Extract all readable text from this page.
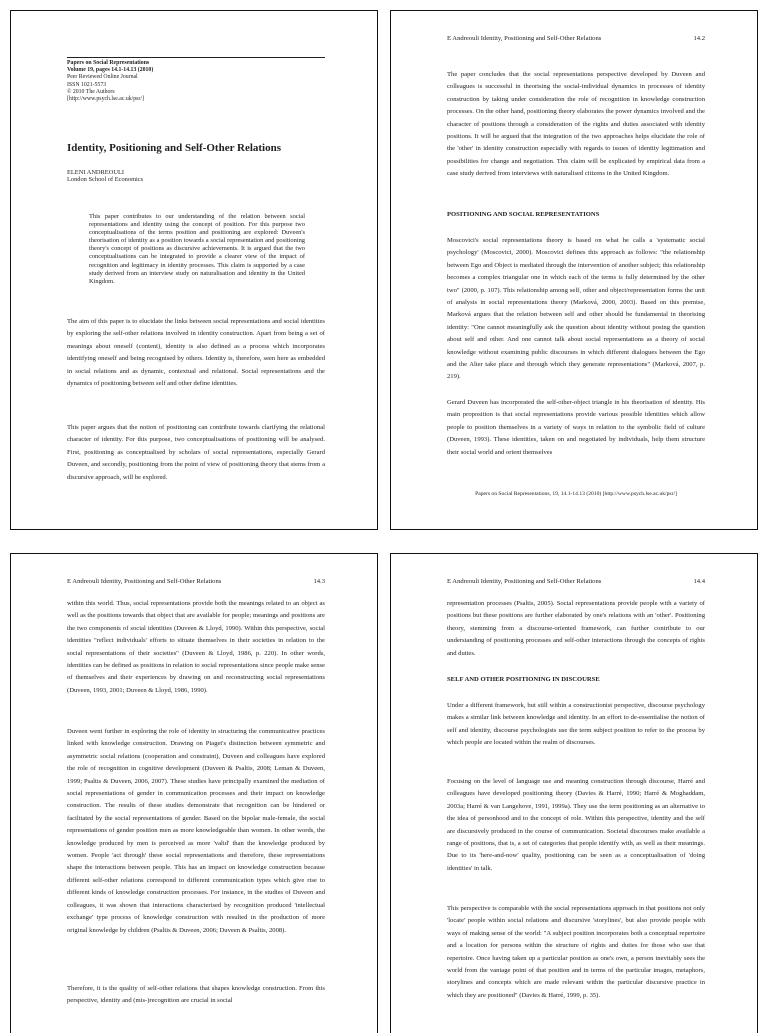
Papers on Social Representations
Volume 19, pages 14.1-14.13 (2010)
Peer Reviewed Online Journal
ISSN 1021-5573
© 2010 The Authors
[http://www.psych.lse.ac.uk/psr/]
Identity, Positioning and Self-Other Relations
ELENI ANDREOULI
London School of Economics

This paper contributes to our understanding of the relation between social representations and identity using the concept of position. For this purpose two conceptualisations of the terms position and positioning are explored: Duveen's theorisation of identity as a position towards a social representation and positioning theory's concept of positions as discursive achievements. It is argued that the two conceptualisations can be integrated to provide a clearer view of the impact of recognition and legitimacy in identity processes. This claim is supported by a case study derived from an interview study on naturalisation and identity in the United Kingdom.

The aim of this paper is to elucidate the links between social representations and social identities by exploring the self-other relations involved in identity construction. Apart from being a set of meanings about oneself (content), identity is also defined as a process which incorporates identifying oneself and being recognised by others. Identity is, therefore, seen here as embedded in social relations and as dynamic, contextual and relational. Social representations and the dynamics of positioning between self and other define identities.

This paper argues that the notion of positioning can contribute towards clarifying the relational character of identity. For this purpose, two conceptualisations of positioning will be analysed. First, positioning as conceptualised by scholars of social representations, especially Gerard Duveen, and secondly, positioning from the point of view of positioning theory that stems from a discursive approach, will be explored.

E Andreouli Identity, Positioning and Self-Other Relations	14.2

The paper concludes that the social representations perspective developed by Duveen and colleagues is successful in theorising the social-individual dynamics in processes of identity construction by taking under consideration the role of recognition in knowledge construction processes. On the other hand, positioning theory elaborates the power dynamics involved and the character of positions through a consideration of the rights and duties associated with identity positions. It will be argued that the integration of the two approaches helps elucidate the role of the 'other' in identity construction especially with regards to issues of identity legitimation and possibilities for change and negotiation. This claim will be explicated by empirical data from a case study derived from interviews with naturalised citizens in the United Kingdom.

POSITIONING AND SOCIAL REPRESENTATIONS

Moscovici's social representations theory is based on what he calls a 'systematic social psychology' (Moscovici, 2000). Moscovici defines this approach as follows: "the relationship between Ego and Object is mediated through the intervention of another subject; this relationship becomes a complex triangular one in which each of the terms is fully determined by the other two" (2000, p. 107). This relationship among self, other and object/representation forms the unit of analysis in social representations theory (Marková, 2000, 2003). Based on this premise, Marková argues that the relation between self and other should be fundamental in theorising identity: "One cannot meaningfully ask the question about identity without posing the question about self and other. And one cannot talk about social representations as a theory of social knowledge without examining public discourses in which different dialogues between the Ego and the Alter take place and through which they generate representations" (Marková, 2007, p. 219).

Gerard Duveen has incorporated the self-other-object triangle in his theorisation of identity. His main proposition is that social representations provide various possible identities which allow people to position themselves in a variety of ways in relation to the symbolic field of culture (Duveen, 1993). These identities, taken on and negotiated by individuals, help them structure their social world and orient themselves

Papers on Social Representations, 19, 14.1-14.13 (2010) [http://www.psych.lse.ac.uk/psr/]
E Andreouli Identity, Positioning and Self-Other Relations	14.3

within this world. Thus, social representations provide both the meanings related to an object as well as the positions towards that object that are available for people; meanings and positions are the two components of social identities (Duveen & Lloyd, 1990). Within this perspective, social identities "reflect individuals' efforts to situate themselves in their societies in relation to the social representations of their societies" (Duveen & Lloyd, 1986, p. 220). In other words, identities can be defined as positions in relation to social representations since people make sense of themselves and their experiences by drawing on and reconstructing social representations (Duveen, 1993, 2001; Duveen & Lloyd, 1986, 1990).

Duveen went further in exploring the role of identity in structuring the communicative practices linked with knowledge construction. Drawing on Piaget's distinction between symmetric and asymmetric social relations (cooperation and constraint), Duveen and colleagues have explored the role of recognition in cognitive development (Duveen & Psaltis, 2008; Leman & Duveen, 1999; Psaltis & Duveen, 2006, 2007). These studies have principally examined the mediation of social representations of gender in communication processes and their impact on knowledge construction. The results of these studies demonstrate that recognition can be hindered or facilitated by the social representations of gender. Based on the bipolar male-female, the social representations of gender position men as more knowledgeable than women. In other words, the knowledge produced by men is perceived as more 'valid' than the knowledge produced by women. People 'act through' these social representations and therefore, these representations shape the interactions between people. This has an impact on knowledge construction because different self-other relations correspond to different communication types which give rise to different kinds of knowledge construction processes. For instance, in the studies of Duveen and colleagues, it was shown that interactions characterised by recognition produced 'intellectual exchange' type process of knowledge construction with resulted in the production of more original knowledge by children (Psaltis & Duveen, 2006; Duveen & Psaltis, 2008).

Therefore, it is the quality of self-other relations that shapes knowledge construction. From this perspective, identity and (mis-)recognition are crucial in social

E Andreouli Identity, Positioning and Self-Other Relations	14.4

representation processes (Psaltis, 2005). Social representations provide people with a variety of positions but these positions are further elaborated by one's relations with an 'other'. Positioning theory, stemming from a discourse-oriented framework, can further contribute to our understanding of positioning processes and self-other interactions through the concepts of rights and duties.

SELF AND OTHER POSITIONING IN DISCOURSE

Under a different framework, but still within a constructionist perspective, discourse psychology makes a similar link between knowledge and identity. In an effort to de-essentialise the notion of self and identity, discourse psychologists use the term subject position to refer to the process by which people are located within the realm of discourses.

Focusing on the level of language use and meaning construction through discourse, Harré and colleagues have developed positioning theory (Davies & Harré, 1990; Harré & Moghaddam, 2003a; Harré & van Langehove, 1991, 1999a). They use the term positioning as an alternative to the idea of personhood and to the concept of role. Within this perspective, identity and the self are discursively produced in the course of communication. Societal discourses make available a range of positions, that is, a set of categories that people identify with, as well as their meanings. Due to its 'here-and-now' quality, positioning can be seen as a conceptualisation of 'doing identities' in talk.

This perspective is comparable with the social representations approach in that positions not only 'locate' people within social relations and discursive 'storylines', but also provide people with ways of making sense of the world: "A subject position incorporates both a conceptual repertoire and a location for persons within the structure of rights and duties for those who use that repertoire. Once having taken up a particular position as one's own, a person inevitably sees the world from the vantage point of that position and in terms of the particular images, metaphors, storylines and concepts which are made relevant within the particular discursive practice in which they are positioned" (Davies & Harré, 1999, p. 35).
